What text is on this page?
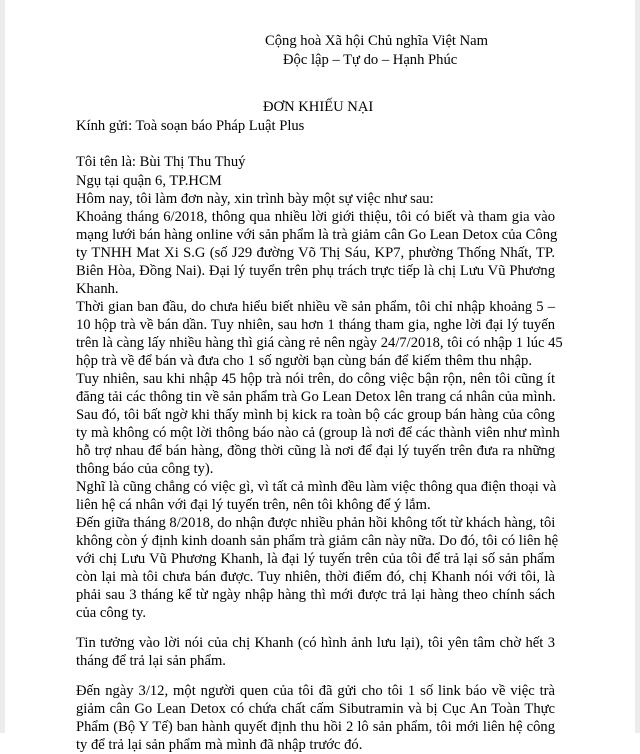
Cộng hoà Xã hội Chủ nghĩa Việt Nam
Độc lập – Tự do – Hạnh Phúc
ĐƠN KHIẾU NẠI
Kính gửi: Toà soạn báo Pháp Luật Plus
Tôi tên là: Bùi Thị Thu Thuý
Ngụ tại quận 6, TP.HCM
Hôm nay, tôi làm đơn này, xin trình bày một sự việc như sau:
Khoảng tháng 6/2018, thông qua nhiều lời giới thiệu, tôi có biết và tham gia vào
mạng lưới bán hàng online với sản phẩm là trà giảm cân Go Lean Detox của Công
ty TNHH Mat Xi S.G (số J29 đường Võ Thị Sáu, KP7, phường Thống Nhất, TP.
Biên Hòa, Đồng Nai). Đại lý tuyển trên phụ trách trực tiếp là chị Lưu Vũ Phương
Khanh.
Thời gian ban đầu, do chưa hiểu biết nhiều về sản phẩm, tôi chỉ nhập khoảng 5 –
10 hộp trà về bán dần. Tuy nhiên, sau hơn 1 tháng tham gia, nghe lời đại lý tuyến
trên là càng lấy nhiều hàng thì giá càng rẻ nên ngày 24/7/2018, tôi có nhập 1 lúc 45
hộp trà về để bán và đưa cho 1 số người bạn cùng bán để kiếm thêm thu nhập.
Tuy nhiên, sau khi nhập 45 hộp trà nói trên, do công việc bận rộn, nên tôi cũng ít
đăng tải các thông tin về sản phẩm trà Go Lean Detox lên trang cá nhân của mình.
Sau đó, tôi bất ngờ khi thấy mình bị kick ra toàn bộ các group bán hàng của công
ty mà không có một lời thông báo nào cả (group là nơi để các thành viên như mình
hỗ trợ nhau để bán hàng, đồng thời cũng là nơi để đại lý tuyến trên đưa ra những
thông báo của công ty).
Nghĩ là cũng chẳng có việc gì, vì tất cả mình đều làm việc thông qua điện thoại và
liên hệ cá nhân với đại lý tuyến trên, nên tôi không để ý lắm.
Đến giữa tháng 8/2018, do nhận được nhiều phản hồi không tốt từ khách hàng, tôi
không còn ý định kinh doanh sản phẩm trà giảm cân này nữa. Do đó, tôi có liên hệ
với chị Lưu Vũ Phương Khanh, là đại lý tuyến trên của tôi để trả lại số sản phẩm
còn lại mà tôi chưa bán được. Tuy nhiên, thời điểm đó, chị Khanh nói với tôi, là
phải sau 3 tháng kể từ ngày nhập hàng thì mới được trả lại hàng theo chính sách
của công ty.
Tin tưởng vào lời nói của chị Khanh (có hình ảnh lưu lại), tôi yên tâm chờ hết 3
tháng để trả lại sản phẩm.
Đến ngày 3/12, một người quen của tôi đã gửi cho tôi 1 số link báo về việc trà
giảm cân Go Lean Detox có chứa chất cấm Sibutramin và bị Cục An Toàn Thực
Phẩm (Bộ Y Tế) ban hành quyết định thu hồi 2 lô sản phẩm, tôi mới liên hệ công
ty để trả lại sản phẩm mà mình đã nhập trước đó.
